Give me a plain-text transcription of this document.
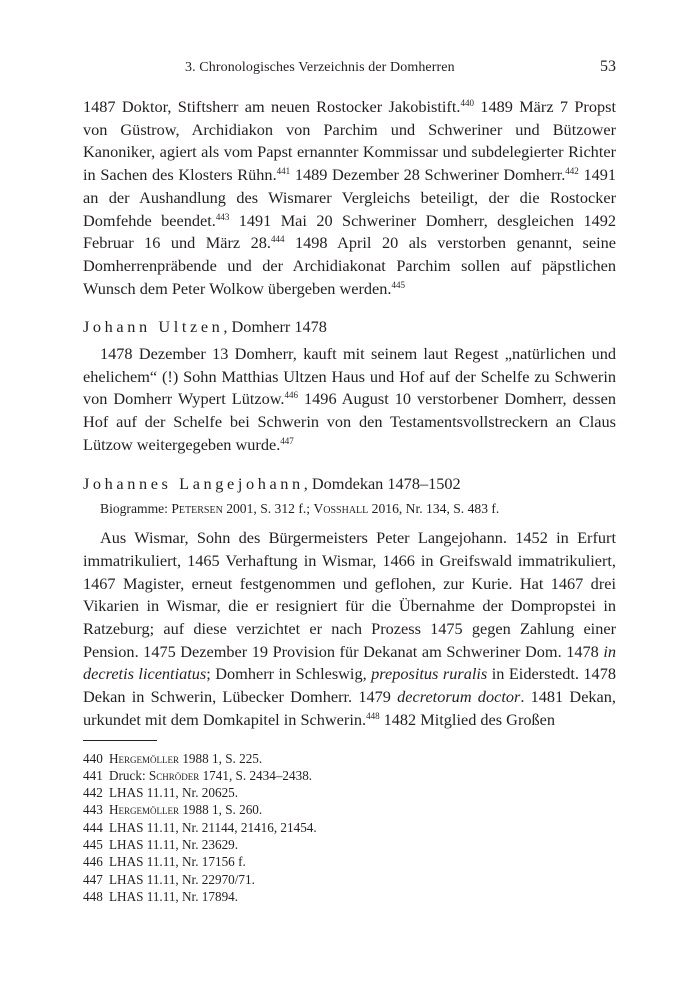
3. Chronologisches Verzeichnis der Domherren	53

1487 Doktor, Stiftsherr am neuen Rostocker Jakobistift.$^{440}$ 1489 März 7 Propst von Güstrow, Archidiakon von Parchim und Schweriner und Bützower Kanoniker, agiert als vom Papst ernannter Kommissar und subdelegierter Richter in Sachen des Klosters Rühn.$^{441}$ 1489 Dezember 28 Schweriner Domherr.$^{442}$ 1491 an der Aushandlung des Wismarer Vergleichs beteiligt, der die Rostocker Domfehde beendet.$^{443}$ 1491 Mai 20 Schweriner Domherr, desgleichen 1492 Februar 16 und März 28.$^{444}$ 1498 April 20 als verstorben genannt, seine Domherrenpräbende und der Archidiakonat Parchim sollen auf päpstlichen Wunsch dem Peter Wolkow übergeben werden.$^{445}$

Johann Ultzen, Domherr 1478

1478 Dezember 13 Domherr, kauft mit seinem laut Regest „natürlichen und ehelichem“ (!) Sohn Matthias Ultzen Haus und Hof auf der Schelfe zu Schwerin von Domherr Wypert Lützow.$^{446}$ 1496 August 10 verstorbener Domherr, dessen Hof auf der Schelfe bei Schwerin von den Testamentsvollstreckern an Claus Lützow weitergegeben wurde.$^{447}$

Johannes Langejohann, Domdekan 1478–1502
Biogramme: Petersen 2001, S. 312 f.; Vosshall 2016, Nr. 134, S. 483 f.

Aus Wismar, Sohn des Bürgermeisters Peter Langejohann. 1452 in Erfurt immatrikuliert, 1465 Verhaftung in Wismar, 1466 in Greifswald immatrikuliert, 1467 Magister, erneut festgenommen und geflohen, zur Kurie. Hat 1467 drei Vikarien in Wismar, die er resigniert für die Übernahme der Dompropstei in Ratzeburg; auf diese verzichtet er nach Prozess 1475 gegen Zahlung einer Pension. 1475 Dezember 19 Provision für Dekanat am Schweriner Dom. 1478 in decretis licentiatus; Domherr in Schleswig, prepositus ruralis in Eiderstedt. 1478 Dekan in Schwerin, Lübecker Domherr. 1479 decretorum doctor. 1481 Dekan, urkundet mit dem Domkapitel in Schwerin.$^{448}$ 1482 Mitglied des Großen

440 Hergemöller 1988 1, S. 225.
441 Druck: Schröder 1741, S. 2434–2438.
442 LHAS 11.11, Nr. 20625.
443 Hergemöller 1988 1, S. 260.
444 LHAS 11.11, Nr. 21144, 21416, 21454.
445 LHAS 11.11, Nr. 23629.
446 LHAS 11.11, Nr. 17156 f.
447 LHAS 11.11, Nr. 22970/71.
448 LHAS 11.11, Nr. 17894.
